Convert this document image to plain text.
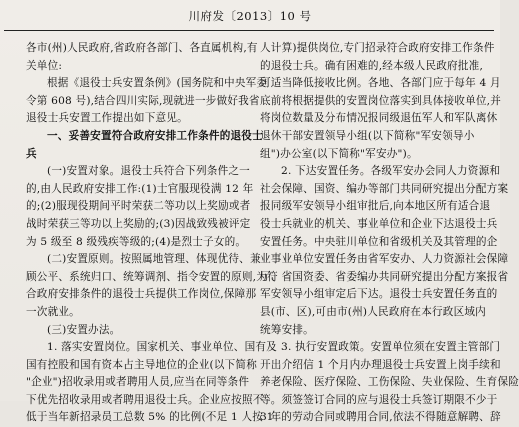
川府发〔2013〕10 号
各市(州)人民政府,省政府各部门、各直属机构,有
关单位:
根据《退役士兵安置条例》(国务院和中央军委
令第 608 号),结合四川实际,现就进一步做好我省
退役士兵安置工作提出如下意见。
一、妥善安置符合政府安排工作条件的退役士
兵
(一)安置对象。退役士兵符合下列条件之一
的,由人民政府安排工作:(1)士官服现役满 12 年
的;(2)服现役期间平时荣获二等功以上奖励或者
战时荣获三等功以上奖励的;(3)因战致残被评定
为 5 级至 8 级残疾等级的;(4)是烈士子女的。
(二)安置原则。按照属地管理、体现优待、兼
顾公平、系统归口、统筹调剂、指令安置的原则,为符
合政府安排条件的退役士兵提供工作岗位,保障那
一次就业。
(三)安置办法。
1. 落实安置岗位。国家机关、事业单位、国有及
国有控股和国有资本占主导地位的企业(以下简称
"企业")招收录用或者聘用人员,应当在同等条件
下优先招收录用或者聘用退役士兵。企业应按照不
低于当年新招录员工总数 5% 的比例(不足 1 人按 1
人计算)提供岗位,专门招录符合政府安排工作条件
的退役士兵。确有困难的,经本级人民政府批准,
可适当降低接收比例。各地、各部门应于每年 4 月
底前将根据提供的安置岗位落实到具体接收单位,并
将岗位数量及分布情况报同级退伍军人和军队离休
退休干部安置领导小组(以下简称"军安领导小
组")办公室(以下简称"军安办")。
2. 下达安置任务。各级军安办会同人力资源和
社会保障、国资、编办等部门共同研究提出分配方案
报同级军安领导小组审批后,向本地区所有适合退
役士兵就业的机关、事业单位和企业下达退役士兵
安置任务。中央驻川单位和省级机关及其管理的企
业事业单位安置任务由省军安办、人力资源社会保障
厅、省国资委、省委编办共同研究提出分配方案报省
军安领导小组审定后下达。退役士兵安置任务直的
县(市、区),可由市(州)人民政府在本行政区域内
统筹安排。
3. 执行安置政策。安置单位须在安置主管部门
开出介绍信 1 个月内办理退役士兵安置上岗手续和
养老保险、医疗保险、工伤保险、失业保险、生育保险
等。须签签订合同的应与退役士兵签订期限不少于
3 年的劳动合同或聘用合同,依法不得随意解聘、辞
